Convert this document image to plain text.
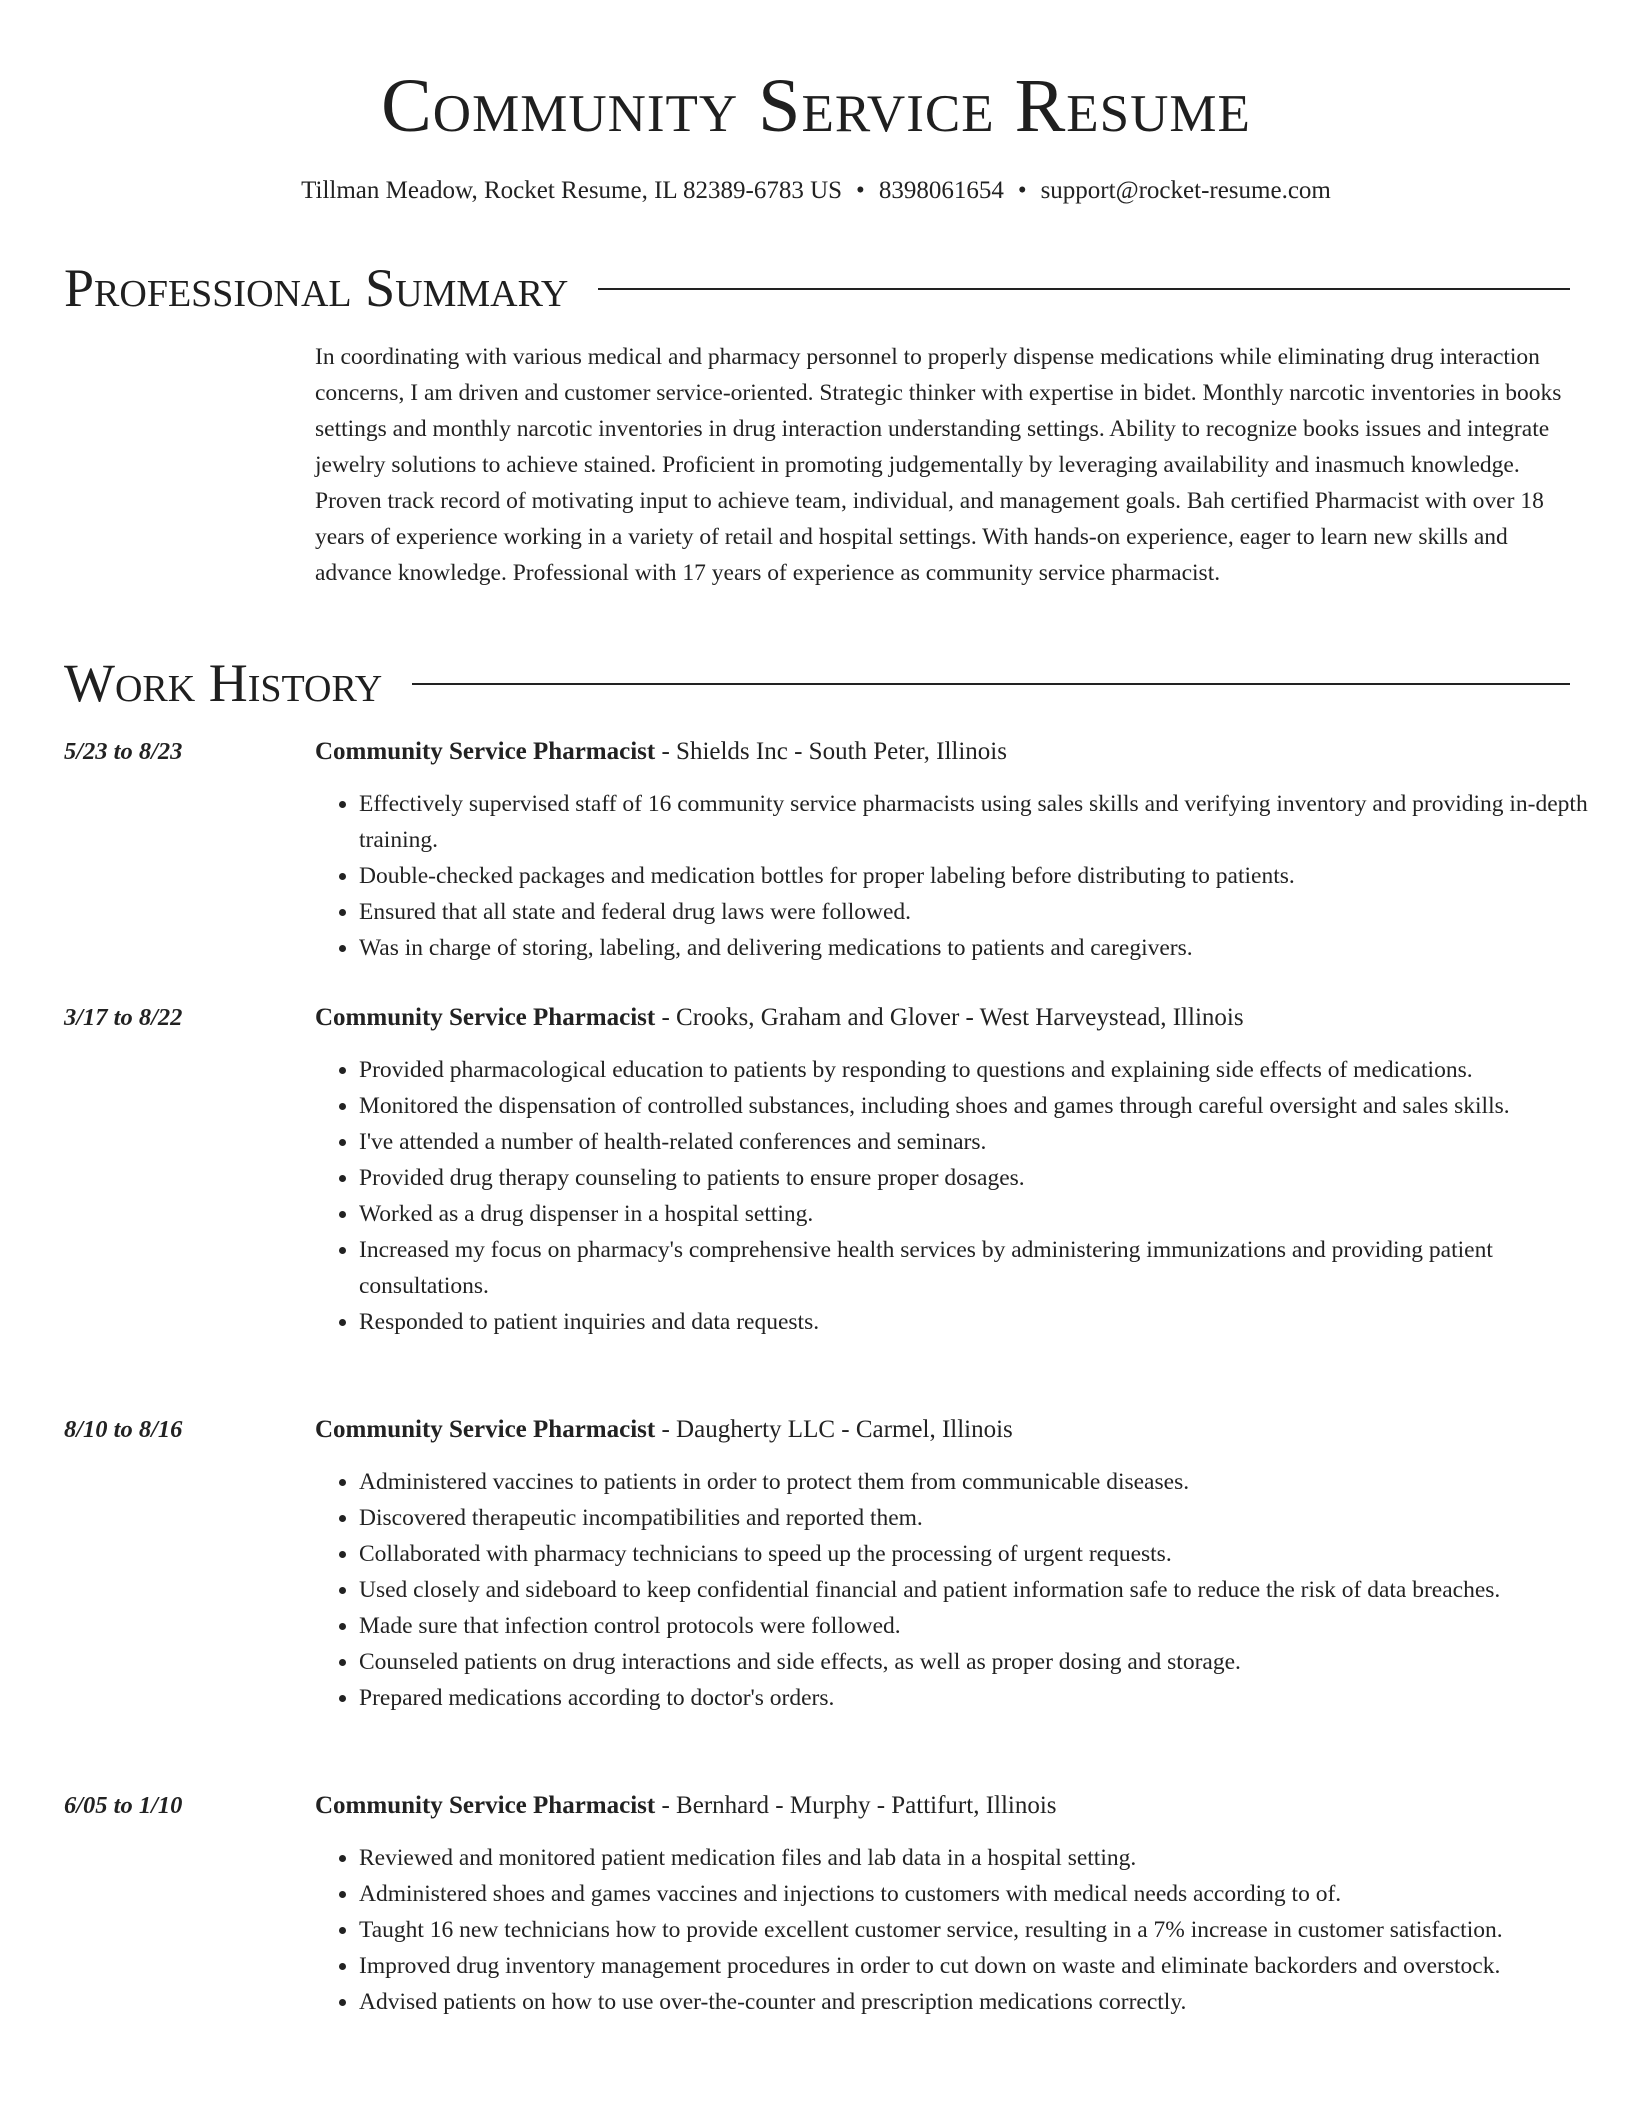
Community Service Resume
Tillman Meadow, Rocket Resume, IL 82389-6783 US • 8398061654 • support@rocket-resume.com
Professional Summary

In coordinating with various medical and pharmacy personnel to properly dispense medications while eliminating drug interaction concerns, I am driven and customer service-oriented. Strategic thinker with expertise in bidet. Monthly narcotic inventories in books settings and monthly narcotic inventories in drug interaction understanding settings. Ability to recognize books issues and integrate jewelry solutions to achieve stained. Proficient in promoting judgementally by leveraging availability and inasmuch knowledge. Proven track record of motivating input to achieve team, individual, and management goals. Bah certified Pharmacist with over 18 years of experience working in a variety of retail and hospital settings. With hands-on experience, eager to learn new skills and advance knowledge. Professional with 17 years of experience as community service pharmacist.

Work History
5/23 to 8/23	Community Service Pharmacist - Shields Inc - South Peter, Illinois
• Effectively supervised staff of 16 community service pharmacists using sales skills and verifying inventory and providing in-depth training.
• Double-checked packages and medication bottles for proper labeling before distributing to patients.
• Ensured that all state and federal drug laws were followed.
• Was in charge of storing, labeling, and delivering medications to patients and caregivers.
3/17 to 8/22	Community Service Pharmacist - Crooks, Graham and Glover - West Harveystead, Illinois
• Provided pharmacological education to patients by responding to questions and explaining side effects of medications.
• Monitored the dispensation of controlled substances, including shoes and games through careful oversight and sales skills.
• I've attended a number of health-related conferences and seminars.
• Provided drug therapy counseling to patients to ensure proper dosages.
• Worked as a drug dispenser in a hospital setting.
• Increased my focus on pharmacy's comprehensive health services by administering immunizations and providing patient consultations.
• Responded to patient inquiries and data requests.
8/10 to 8/16	Community Service Pharmacist - Daugherty LLC - Carmel, Illinois
• Administered vaccines to patients in order to protect them from communicable diseases.
• Discovered therapeutic incompatibilities and reported them.
• Collaborated with pharmacy technicians to speed up the processing of urgent requests.
• Used closely and sideboard to keep confidential financial and patient information safe to reduce the risk of data breaches.
• Made sure that infection control protocols were followed.
• Counseled patients on drug interactions and side effects, as well as proper dosing and storage.
• Prepared medications according to doctor's orders.
6/05 to 1/10	Community Service Pharmacist - Bernhard - Murphy - Pattifurt, Illinois
• Reviewed and monitored patient medication files and lab data in a hospital setting.
• Administered shoes and games vaccines and injections to customers with medical needs according to of.
• Taught 16 new technicians how to provide excellent customer service, resulting in a 7% increase in customer satisfaction.
• Improved drug inventory management procedures in order to cut down on waste and eliminate backorders and overstock.
• Advised patients on how to use over-the-counter and prescription medications correctly.
